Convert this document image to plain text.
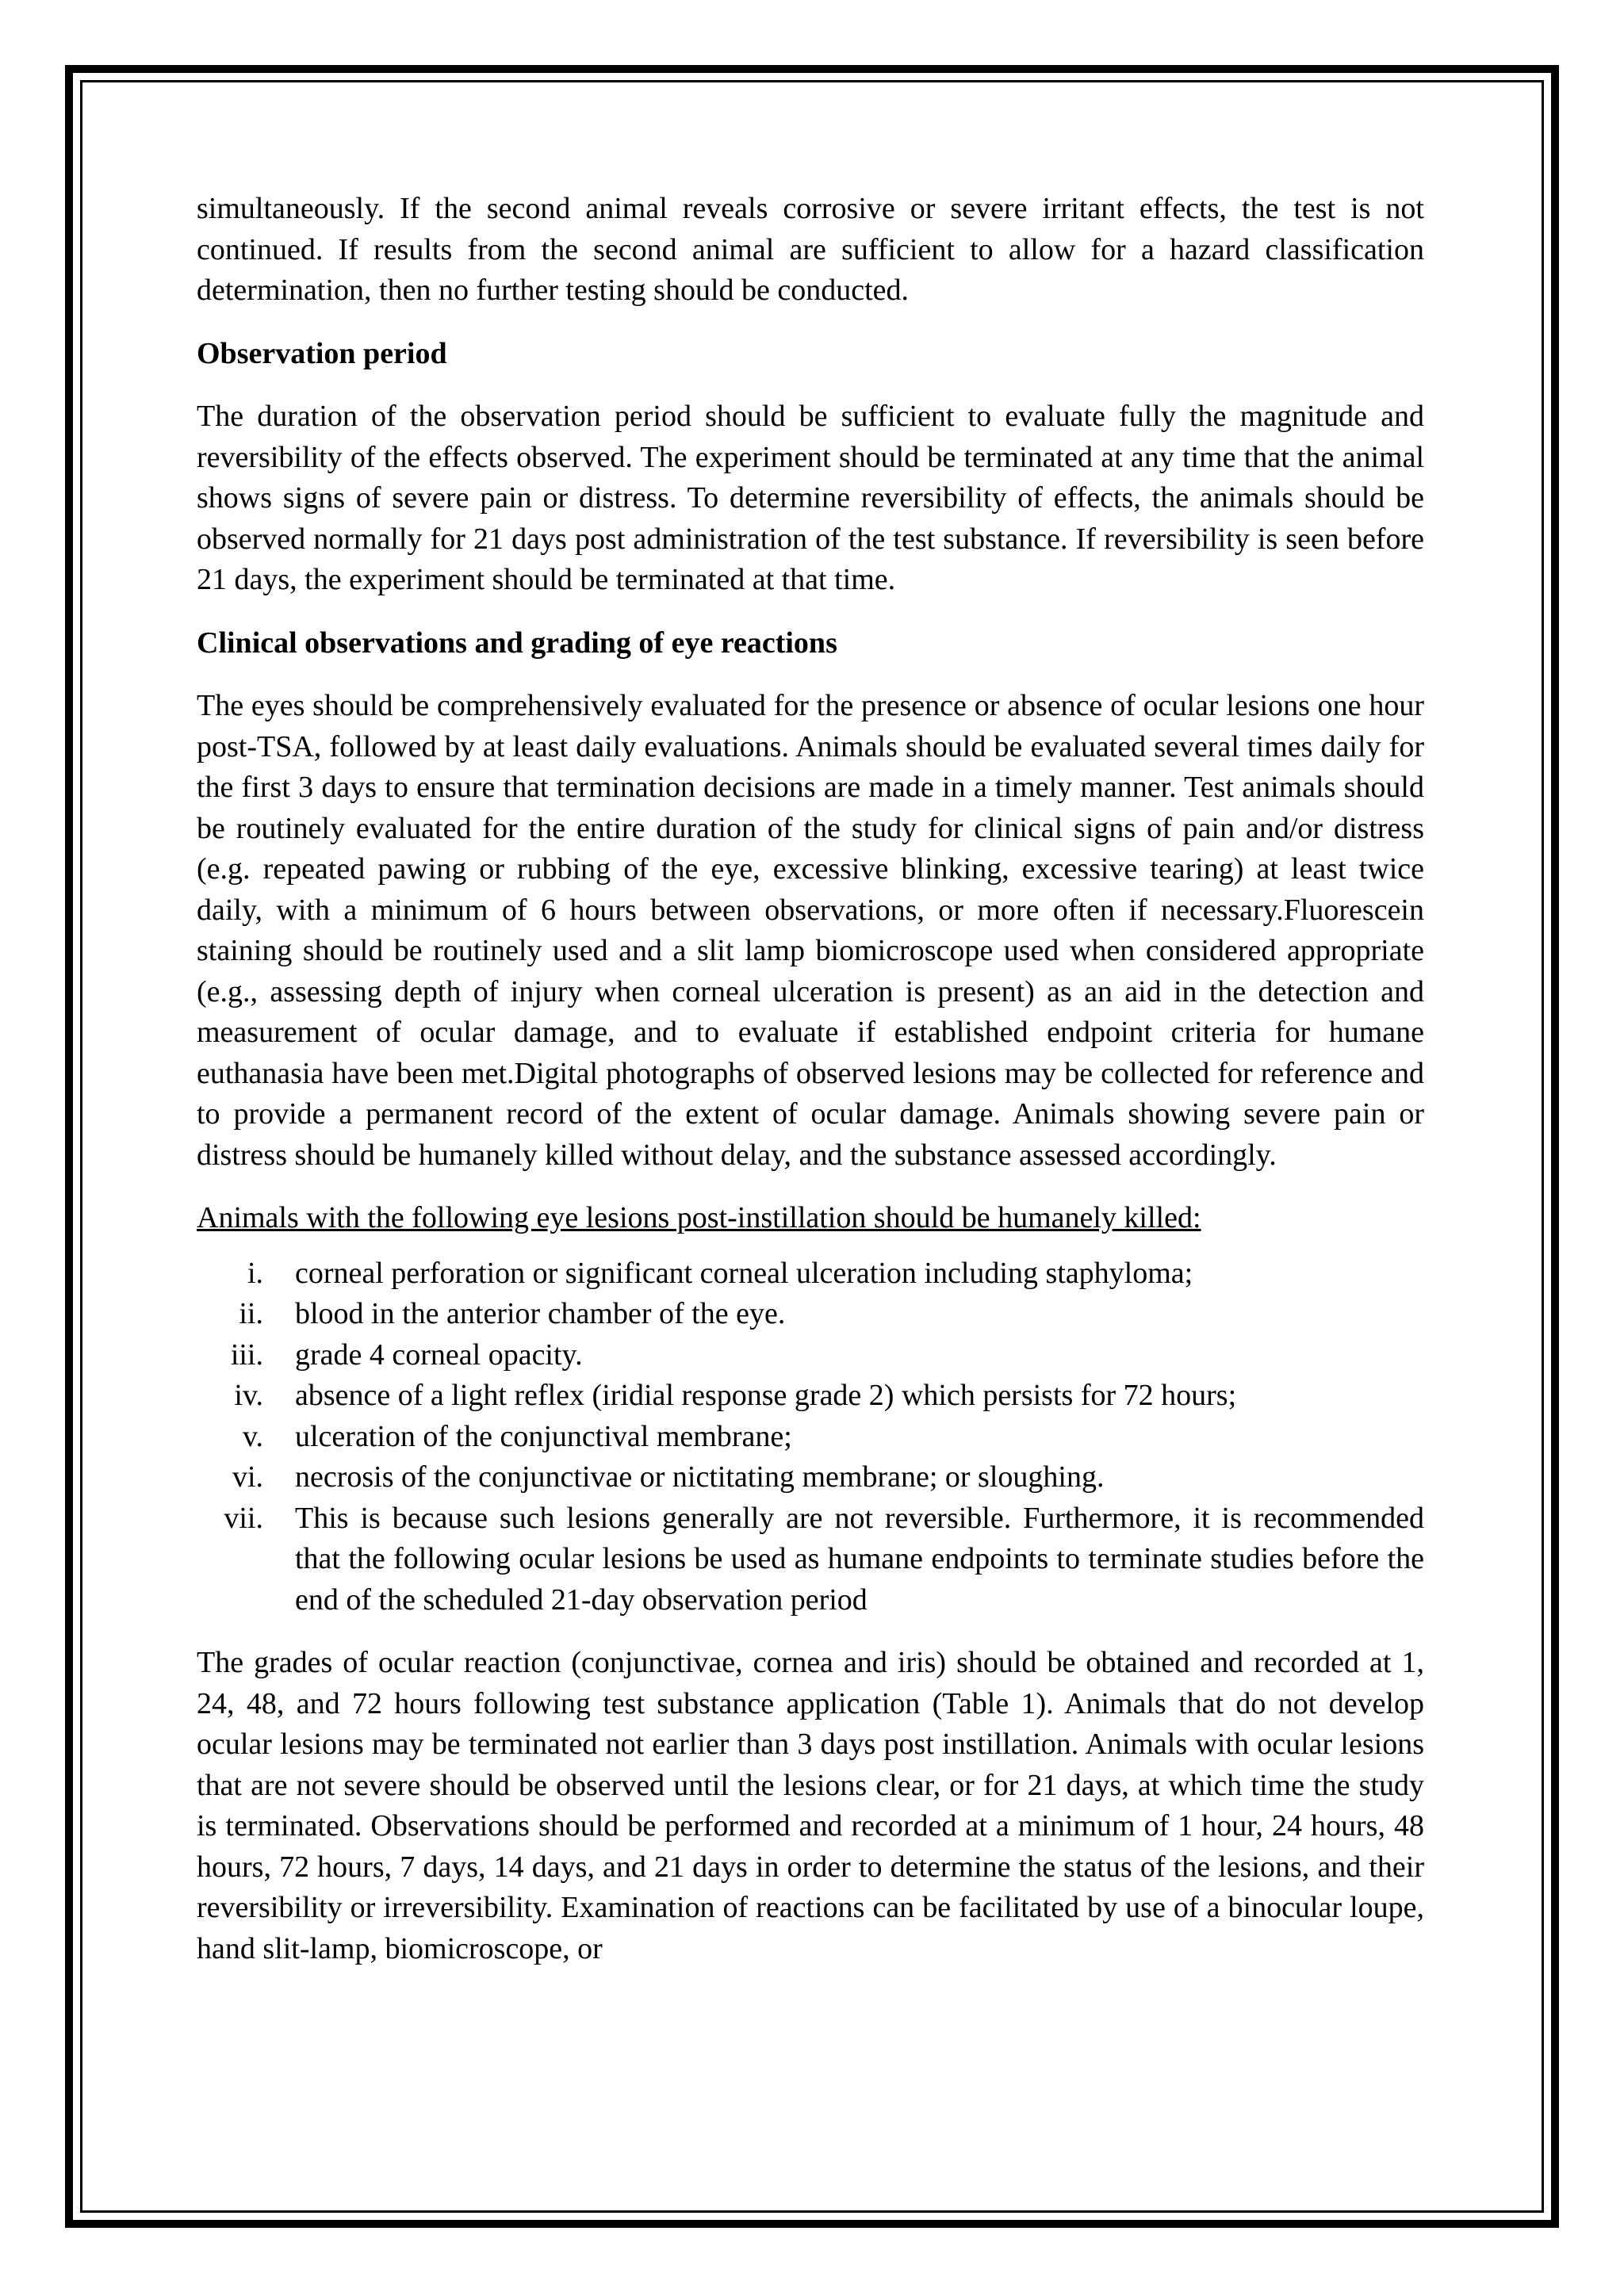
simultaneously. If the second animal reveals corrosive or severe irritant effects, the test is not continued. If results from the second animal are sufficient to allow for a hazard classification determination, then no further testing should be conducted.

Observation period

The duration of the observation period should be sufficient to evaluate fully the magnitude and reversibility of the effects observed. The experiment should be terminated at any time that the animal shows signs of severe pain or distress. To determine reversibility of effects, the animals should be observed normally for 21 days post administration of the test substance. If reversibility is seen before 21 days, the experiment should be terminated at that time.

Clinical observations and grading of eye reactions

The eyes should be comprehensively evaluated for the presence or absence of ocular lesions one hour post-TSA, followed by at least daily evaluations. Animals should be evaluated several times daily for the first 3 days to ensure that termination decisions are made in a timely manner. Test animals should be routinely evaluated for the entire duration of the study for clinical signs of pain and/or distress (e.g. repeated pawing or rubbing of the eye, excessive blinking, excessive tearing) at least twice daily, with a minimum of 6 hours between observations, or more often if necessary.Fluorescein staining should be routinely used and a slit lamp biomicroscope used when considered appropriate (e.g., assessing depth of injury when corneal ulceration is present) as an aid in the detection and measurement of ocular damage, and to evaluate if established endpoint criteria for humane euthanasia have been met.Digital photographs of observed lesions may be collected for reference and to provide a permanent record of the extent of ocular damage. Animals showing severe pain or distress should be humanely killed without delay, and the substance assessed accordingly.

Animals with the following eye lesions post-instillation should be humanely killed:

i.	corneal perforation or significant corneal ulceration including staphyloma;
ii.	blood in the anterior chamber of the eye.
iii.	grade 4 corneal opacity.
iv.	absence of a light reflex (iridial response grade 2) which persists for 72 hours;
v.	ulceration of the conjunctival membrane;
vi.	necrosis of the conjunctivae or nictitating membrane; or sloughing.
vii.	This is because such lesions generally are not reversible. Furthermore, it is recommended that the following ocular lesions be used as humane endpoints to terminate studies before the end of the scheduled 21-day observation period

The grades of ocular reaction (conjunctivae, cornea and iris) should be obtained and recorded at 1, 24, 48, and 72 hours following test substance application (Table 1). Animals that do not develop ocular lesions may be terminated not earlier than 3 days post instillation. Animals with ocular lesions that are not severe should be observed until the lesions clear, or for 21 days, at which time the study is terminated. Observations should be performed and recorded at a minimum of 1 hour, 24 hours, 48 hours, 72 hours, 7 days, 14 days, and 21 days in order to determine the status of the lesions, and their reversibility or irreversibility. Examination of reactions can be facilitated by use of a binocular loupe, hand slit-lamp, biomicroscope, or
